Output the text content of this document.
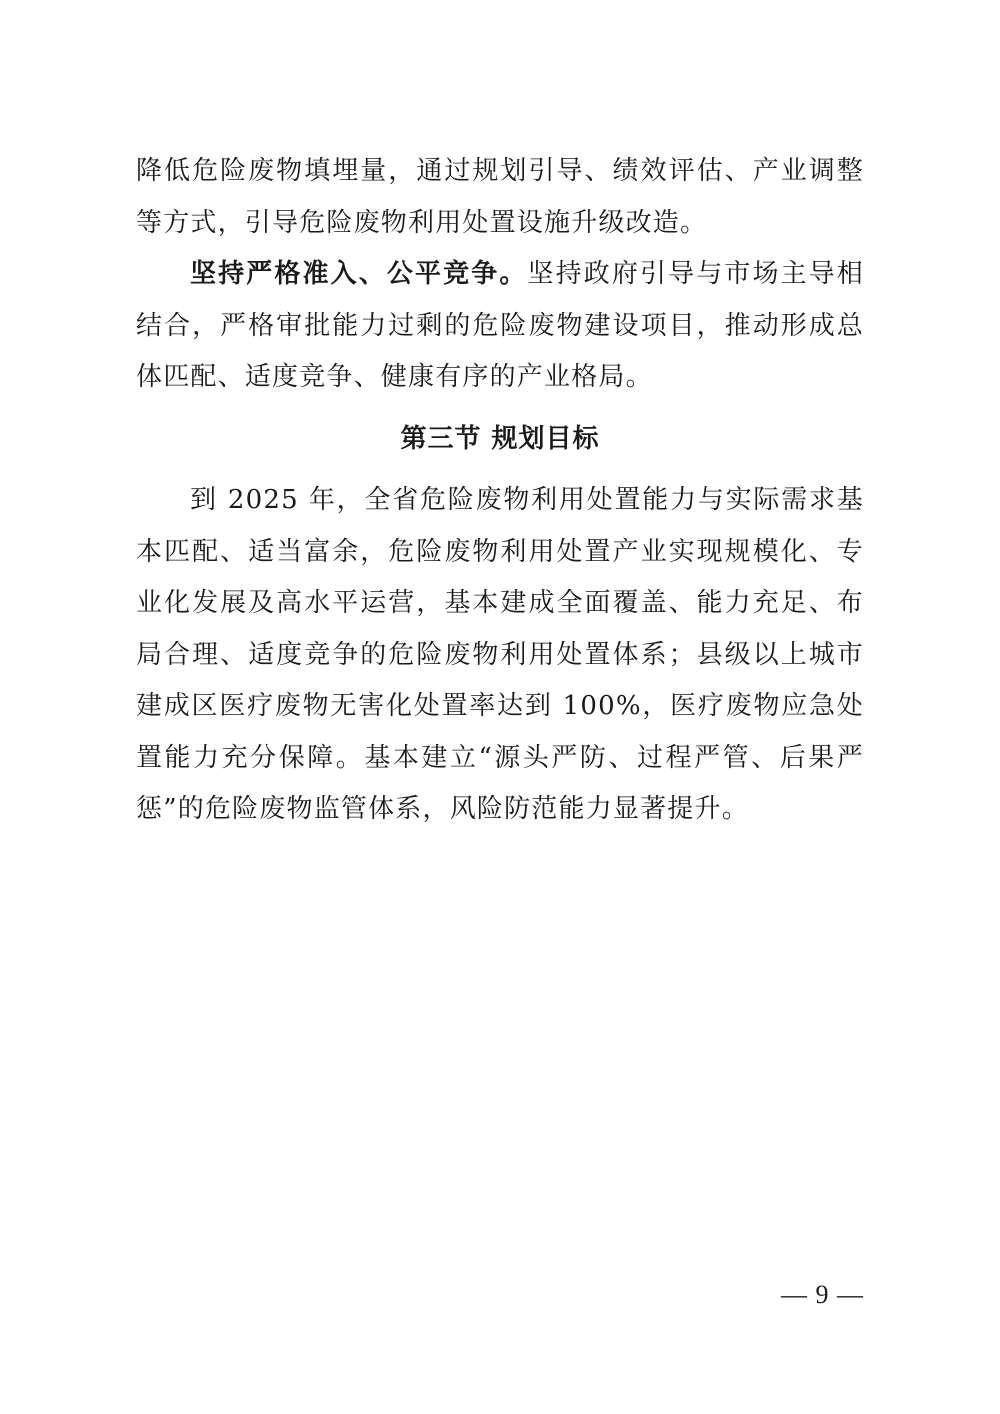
降低危险废物填埋量，通过规划引导、绩效评估、产业调整等方式，引导危险废物利用处置设施升级改造。

坚持严格准入、公平竞争。坚持政府引导与市场主导相结合，严格审批能力过剩的危险废物建设项目，推动形成总体匹配、适度竞争、健康有序的产业格局。

第三节 规划目标

到 2025 年，全省危险废物利用处置能力与实际需求基本匹配、适当富余，危险废物利用处置产业实现规模化、专业化发展及高水平运营，基本建成全面覆盖、能力充足、布局合理、适度竞争的危险废物利用处置体系；县级以上城市建成区医疗废物无害化处置率达到 100%，医疗废物应急处置能力充分保障。基本建立“源头严防、过程严管、后果严惩”的危险废物监管体系，风险防范能力显著提升。

— 9 —
